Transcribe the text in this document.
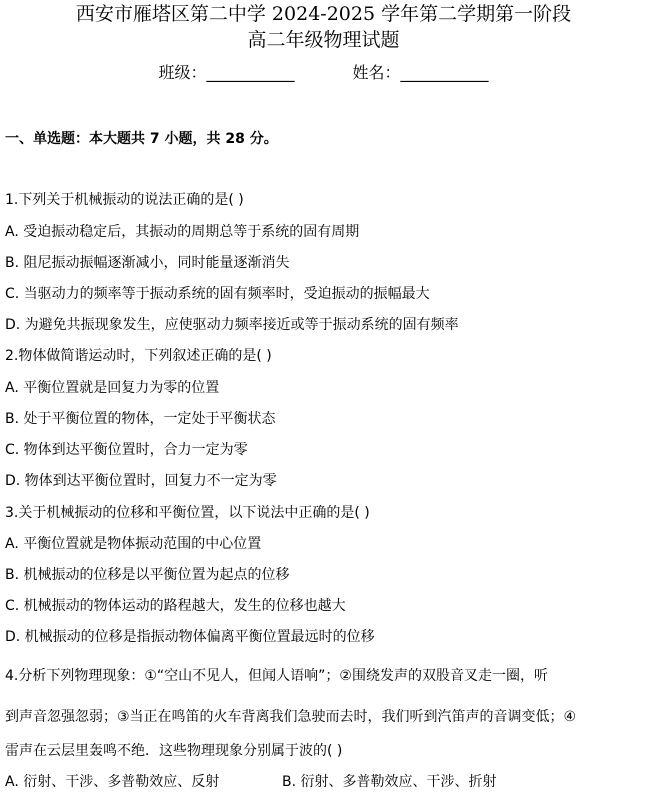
西安市雁塔区第二中学 2024-2025 学年第二学期第一阶段
高二年级物理试题
班级：___________	姓名：___________
一、单选题：本大题共 7 小题，共 28 分。
1.下列关于机械振动的说法正确的是( )
A. 受迫振动稳定后，其振动的周期总等于系统的固有周期
B. 阻尼振动振幅逐渐减小，同时能量逐渐消失
C. 当驱动力的频率等于振动系统的固有频率时，受迫振动的振幅最大
D. 为避免共振现象发生，应使驱动力频率接近或等于振动系统的固有频率
2.物体做简谐运动时，下列叙述正确的是( )
A. 平衡位置就是回复力为零的位置
B. 处于平衡位置的物体，一定处于平衡状态
C. 物体到达平衡位置时，合力一定为零
D. 物体到达平衡位置时，回复力不一定为零
3.关于机械振动的位移和平衡位置，以下说法中正确的是( )
A. 平衡位置就是物体振动范围的中心位置
B. 机械振动的位移是以平衡位置为起点的位移
C. 机械振动的物体运动的路程越大，发生的位移也越大
D. 机械振动的位移是指振动物体偏离平衡位置最远时的位移
4.分析下列物理现象：①“空山不见人，但闻人语响”；②围绕发声的双股音叉走一圈，听
到声音忽强忽弱；③当正在鸣笛的火车背离我们急驶而去时，我们听到汽笛声的音调变低；④
雷声在云层里轰鸣不绝．这些物理现象分别属于波的( )
A. 衍射、干涉、多普勒效应、反射	B. 衍射、多普勒效应、干涉、折射
